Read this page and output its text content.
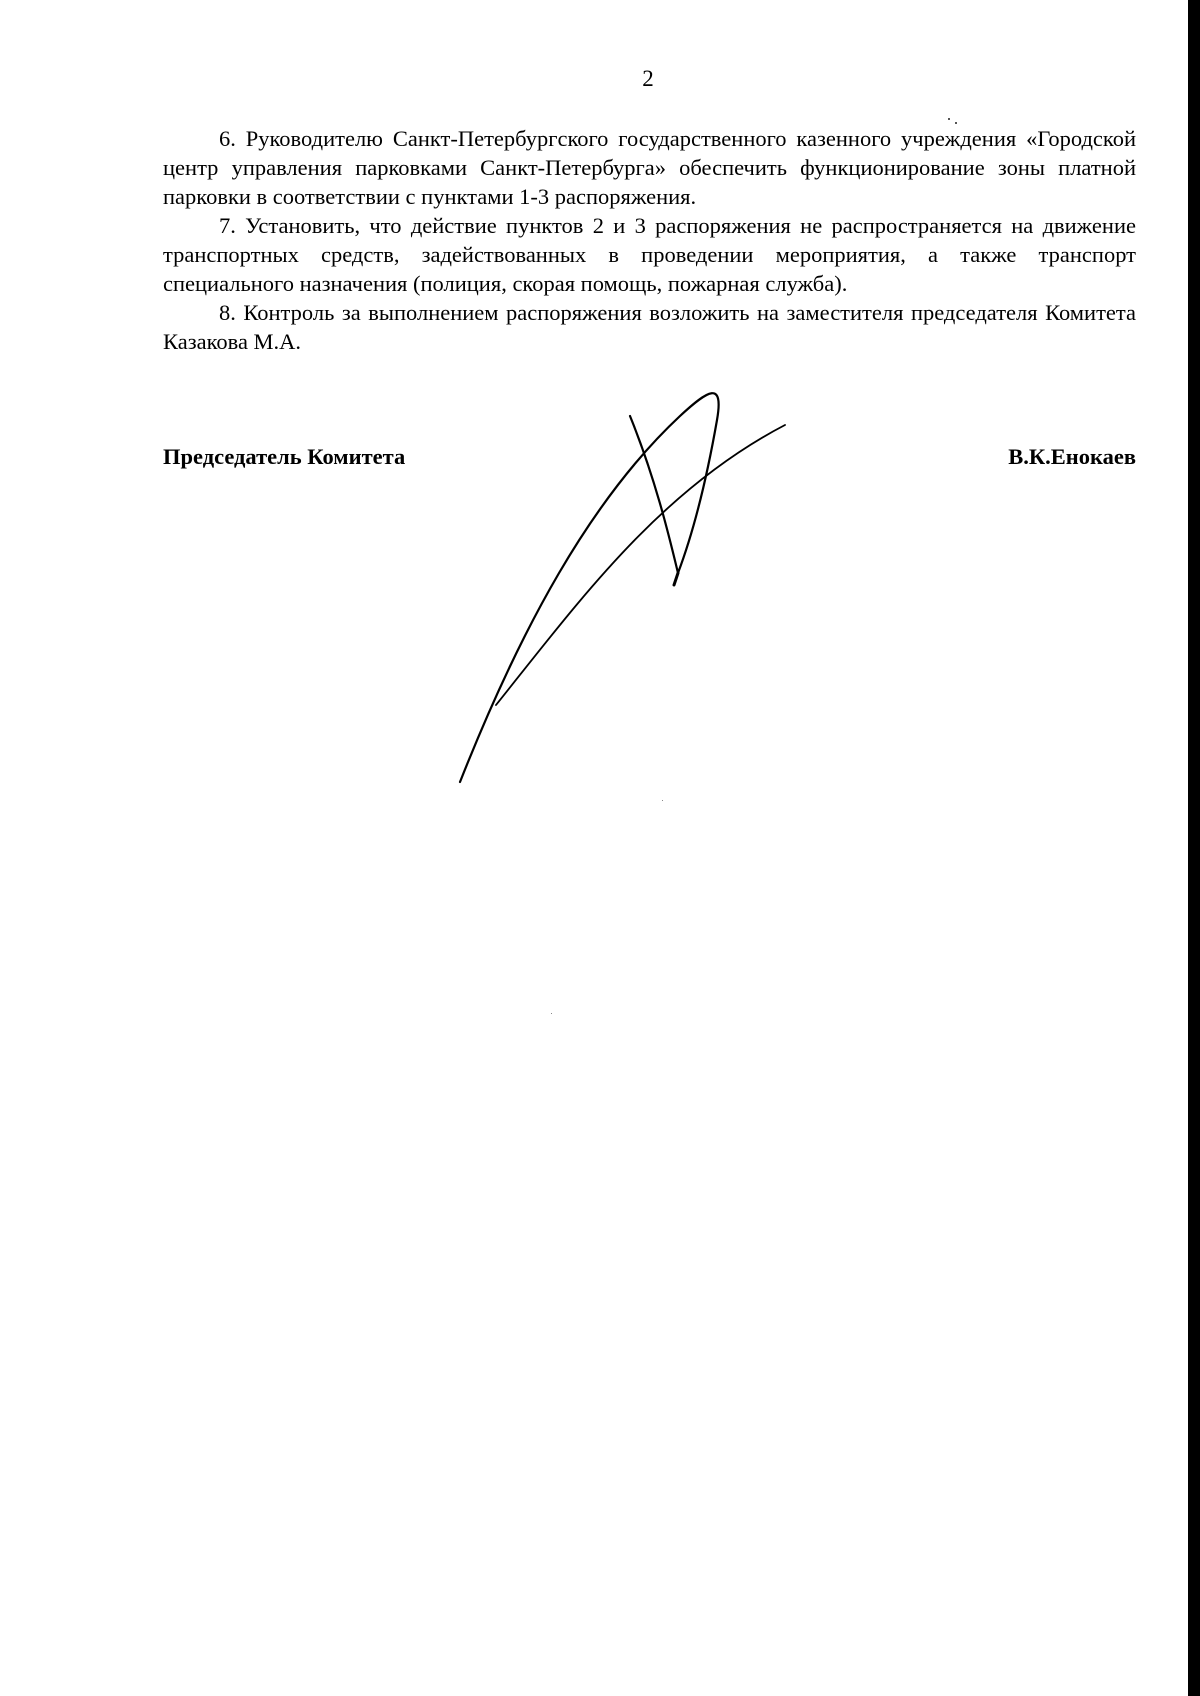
2

6. Руководителю Санкт-Петербургского государственного казенного учреждения «Городской центр управления парковками Санкт-Петербурга» обеспечить функционирование зоны платной парковки в соответствии с пунктами 1-3 распоряжения.

7. Установить, что действие пунктов 2 и 3 распоряжения не распространяется на движение транспортных средств, задействованных в проведении мероприятия, а также транспорт специального назначения (полиция, скорая помощь, пожарная служба).

8. Контроль за выполнением распоряжения возложить на заместителя председателя Комитета Казакова М.А.

Председатель Комитета	В.К.Енокаев
